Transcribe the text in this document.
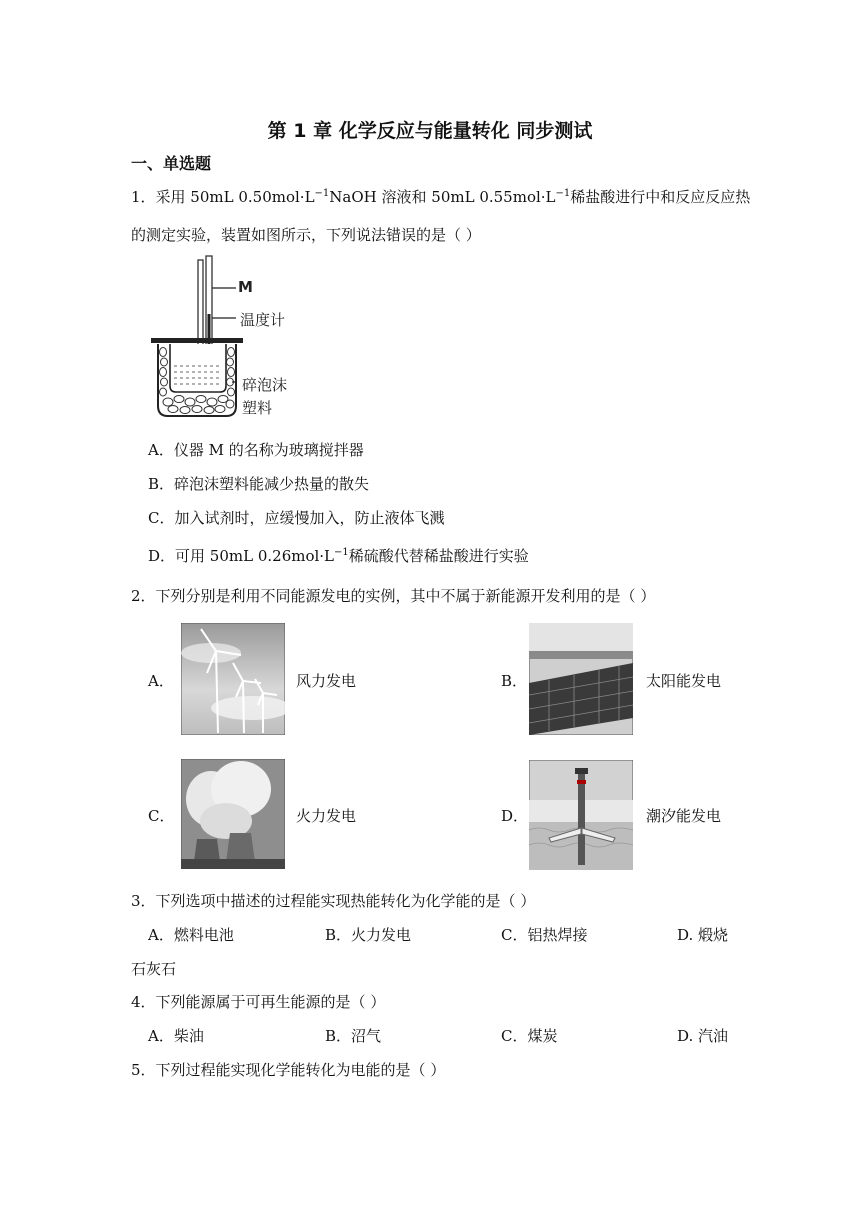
第 1 章 化学反应与能量转化 同步测试
一、单选题
1．采用 50mL $0.50mol\cdot L^{-1}NaOH$ 溶液和 50mL $0.55mol\cdot L^{-1}$稀盐酸进行中和反应反应热
的测定实验，装置如图所示，下列说法错误的是（ ）
M
温度计
碎泡沫
塑料
A．仪器 M 的名称为玻璃搅拌器
B．碎泡沫塑料能减少热量的散失
C．加入试剂时，应缓慢加入，防止液体飞溅
D．可用 50mL $0.26mol\cdot L^{-1}$稀硫酸代替稀盐酸进行实验
2．下列分别是利用不同能源发电的实例，其中不属于新能源开发利用的是（ ）
A．	风力发电	B．	太阳能发电
C．	火力发电	D．	潮汐能发电
3．下列选项中描述的过程能实现热能转化为化学能的是（ ）
A．燃料电池	B．火力发电	C．铝热焊接	D. 煅烧
石灰石
4．下列能源属于可再生能源的是（ ）
A．柴油	B．沼气	C．煤炭	D. 汽油
5．下列过程能实现化学能转化为电能的是（ ）
